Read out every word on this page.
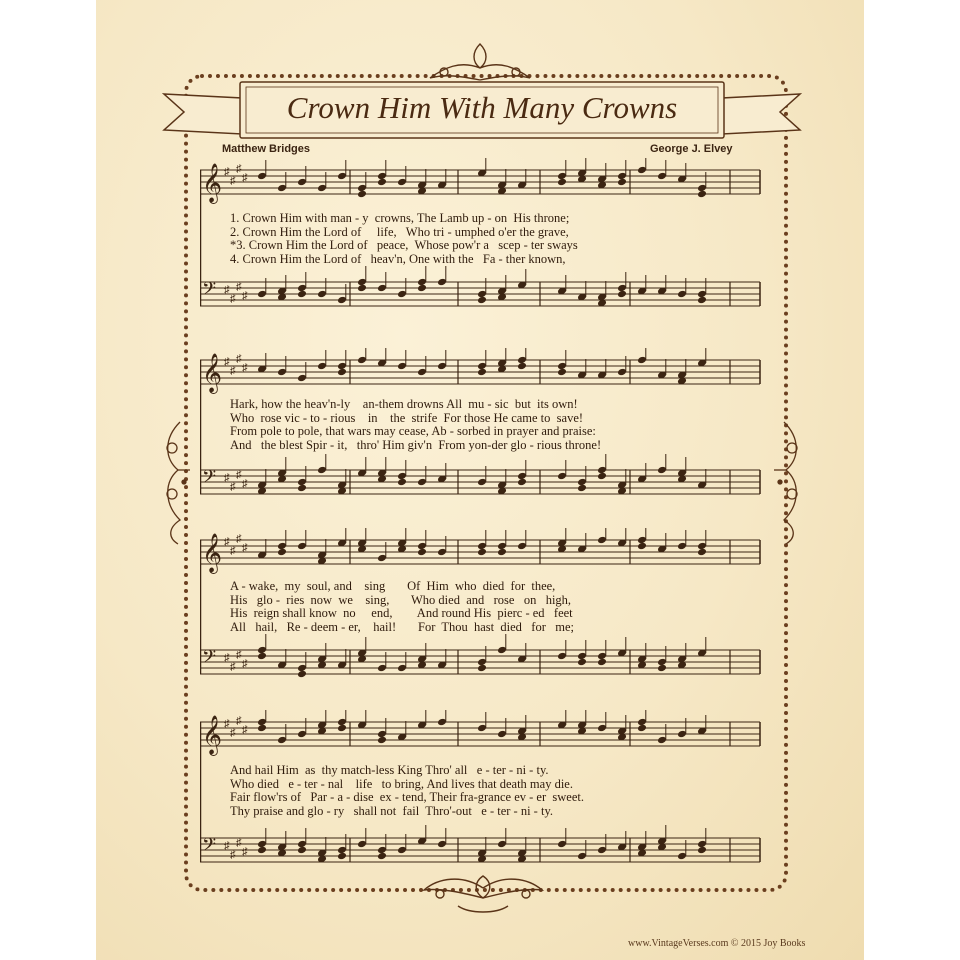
Crown Him With Many Crowns
Matthew Bridges	George J. Elvey
𝄞 ♯
♯
♯
♯
𝄢 ♯
♯
♯
♯
1. Crown Him with man - y  crowns, The Lamb up - on  His throne;
2. Crown Him the Lord of     life,   Who tri - umphed o'er the grave,
*3. Crown Him the Lord of   peace,  Whose pow'r a   scep - ter sways
4. Crown Him the Lord of   heav'n, One with the   Fa - ther known,
𝄞 ♯
♯
♯
♯
𝄢 ♯
♯
♯
♯
Hark, how the heav'n-ly    an-them drowns All  mu - sic  but  its own!
Who  rose vic - to - rious    in    the  strife  For those He came to  save!
From pole to pole, that wars may cease, Ab - sorbed in prayer and praise:
And   the blest Spir - it,   thro' Him giv'n  From yon-der glo - rious throne!
𝄞 ♯
♯
♯
♯
𝄢 ♯
♯
♯
♯
A - wake,  my  soul, and    sing       Of  Him  who  died  for  thee,
His   glo -  ries  now  we    sing,       Who died  and   rose   on   high,
His  reign shall know  no     end,        And round His  pierc - ed   feet
All   hail,   Re - deem - er,    hail!       For  Thou  hast  died   for   me;
𝄞 ♯
♯
♯
♯
𝄢 ♯
♯
♯
♯
And hail Him  as  thy match-less King Thro' all   e - ter - ni - ty.
Who died   e - ter - nal    life   to bring, And lives that death may die.
Fair flow'rs of   Par - a - dise  ex - tend, Their fra-grance ev - er  sweet.
Thy praise and glo - ry   shall not  fail  Thro'-out   e - ter - ni - ty.
www.VintageVerses.com © 2015 Joy Books
